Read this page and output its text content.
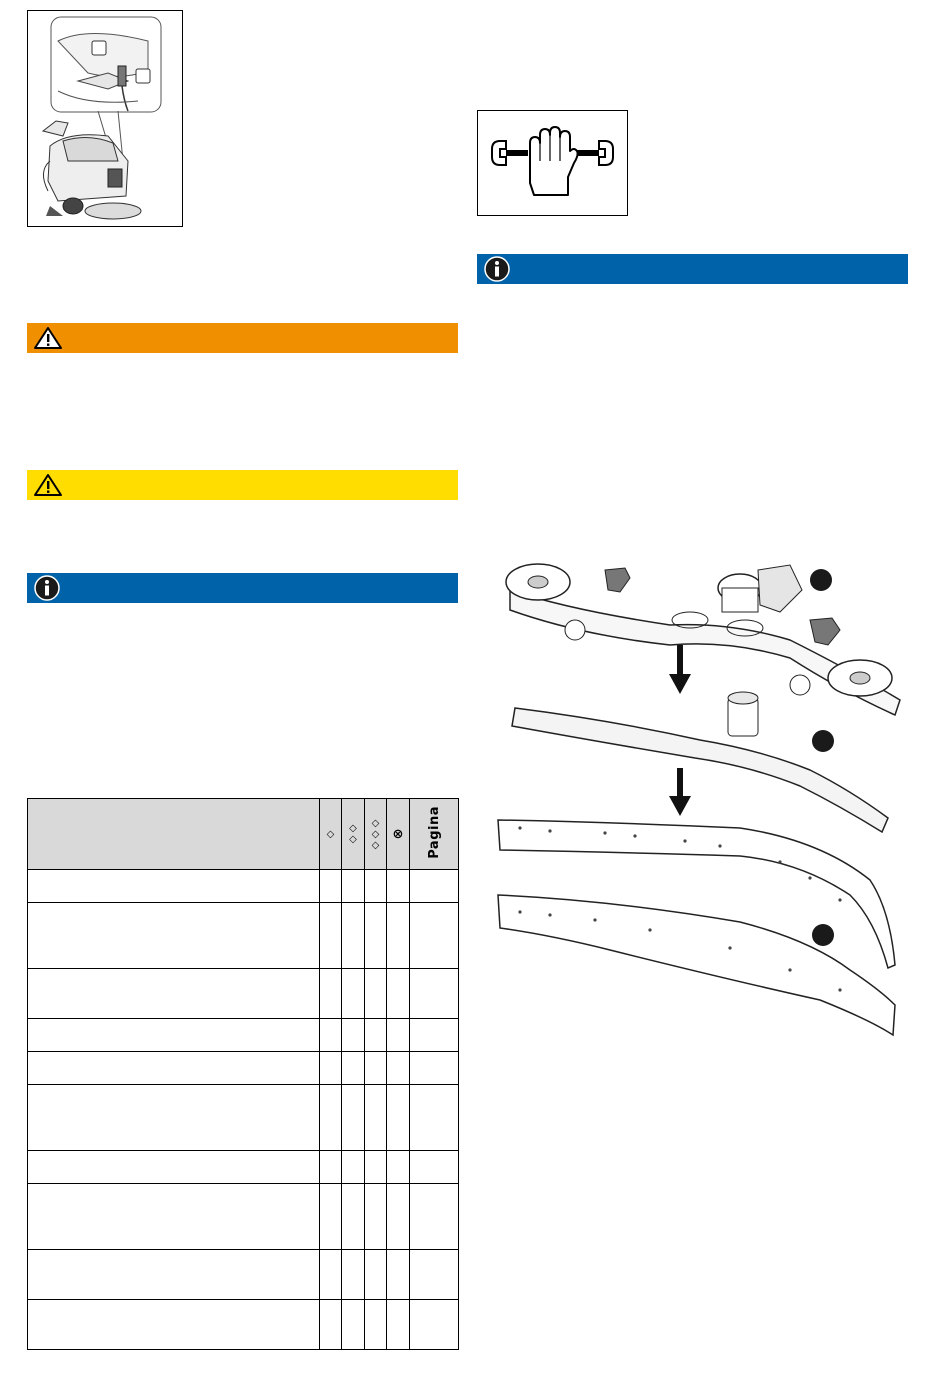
	◇	◇◇	◇◇◇	⊗	Pagina
